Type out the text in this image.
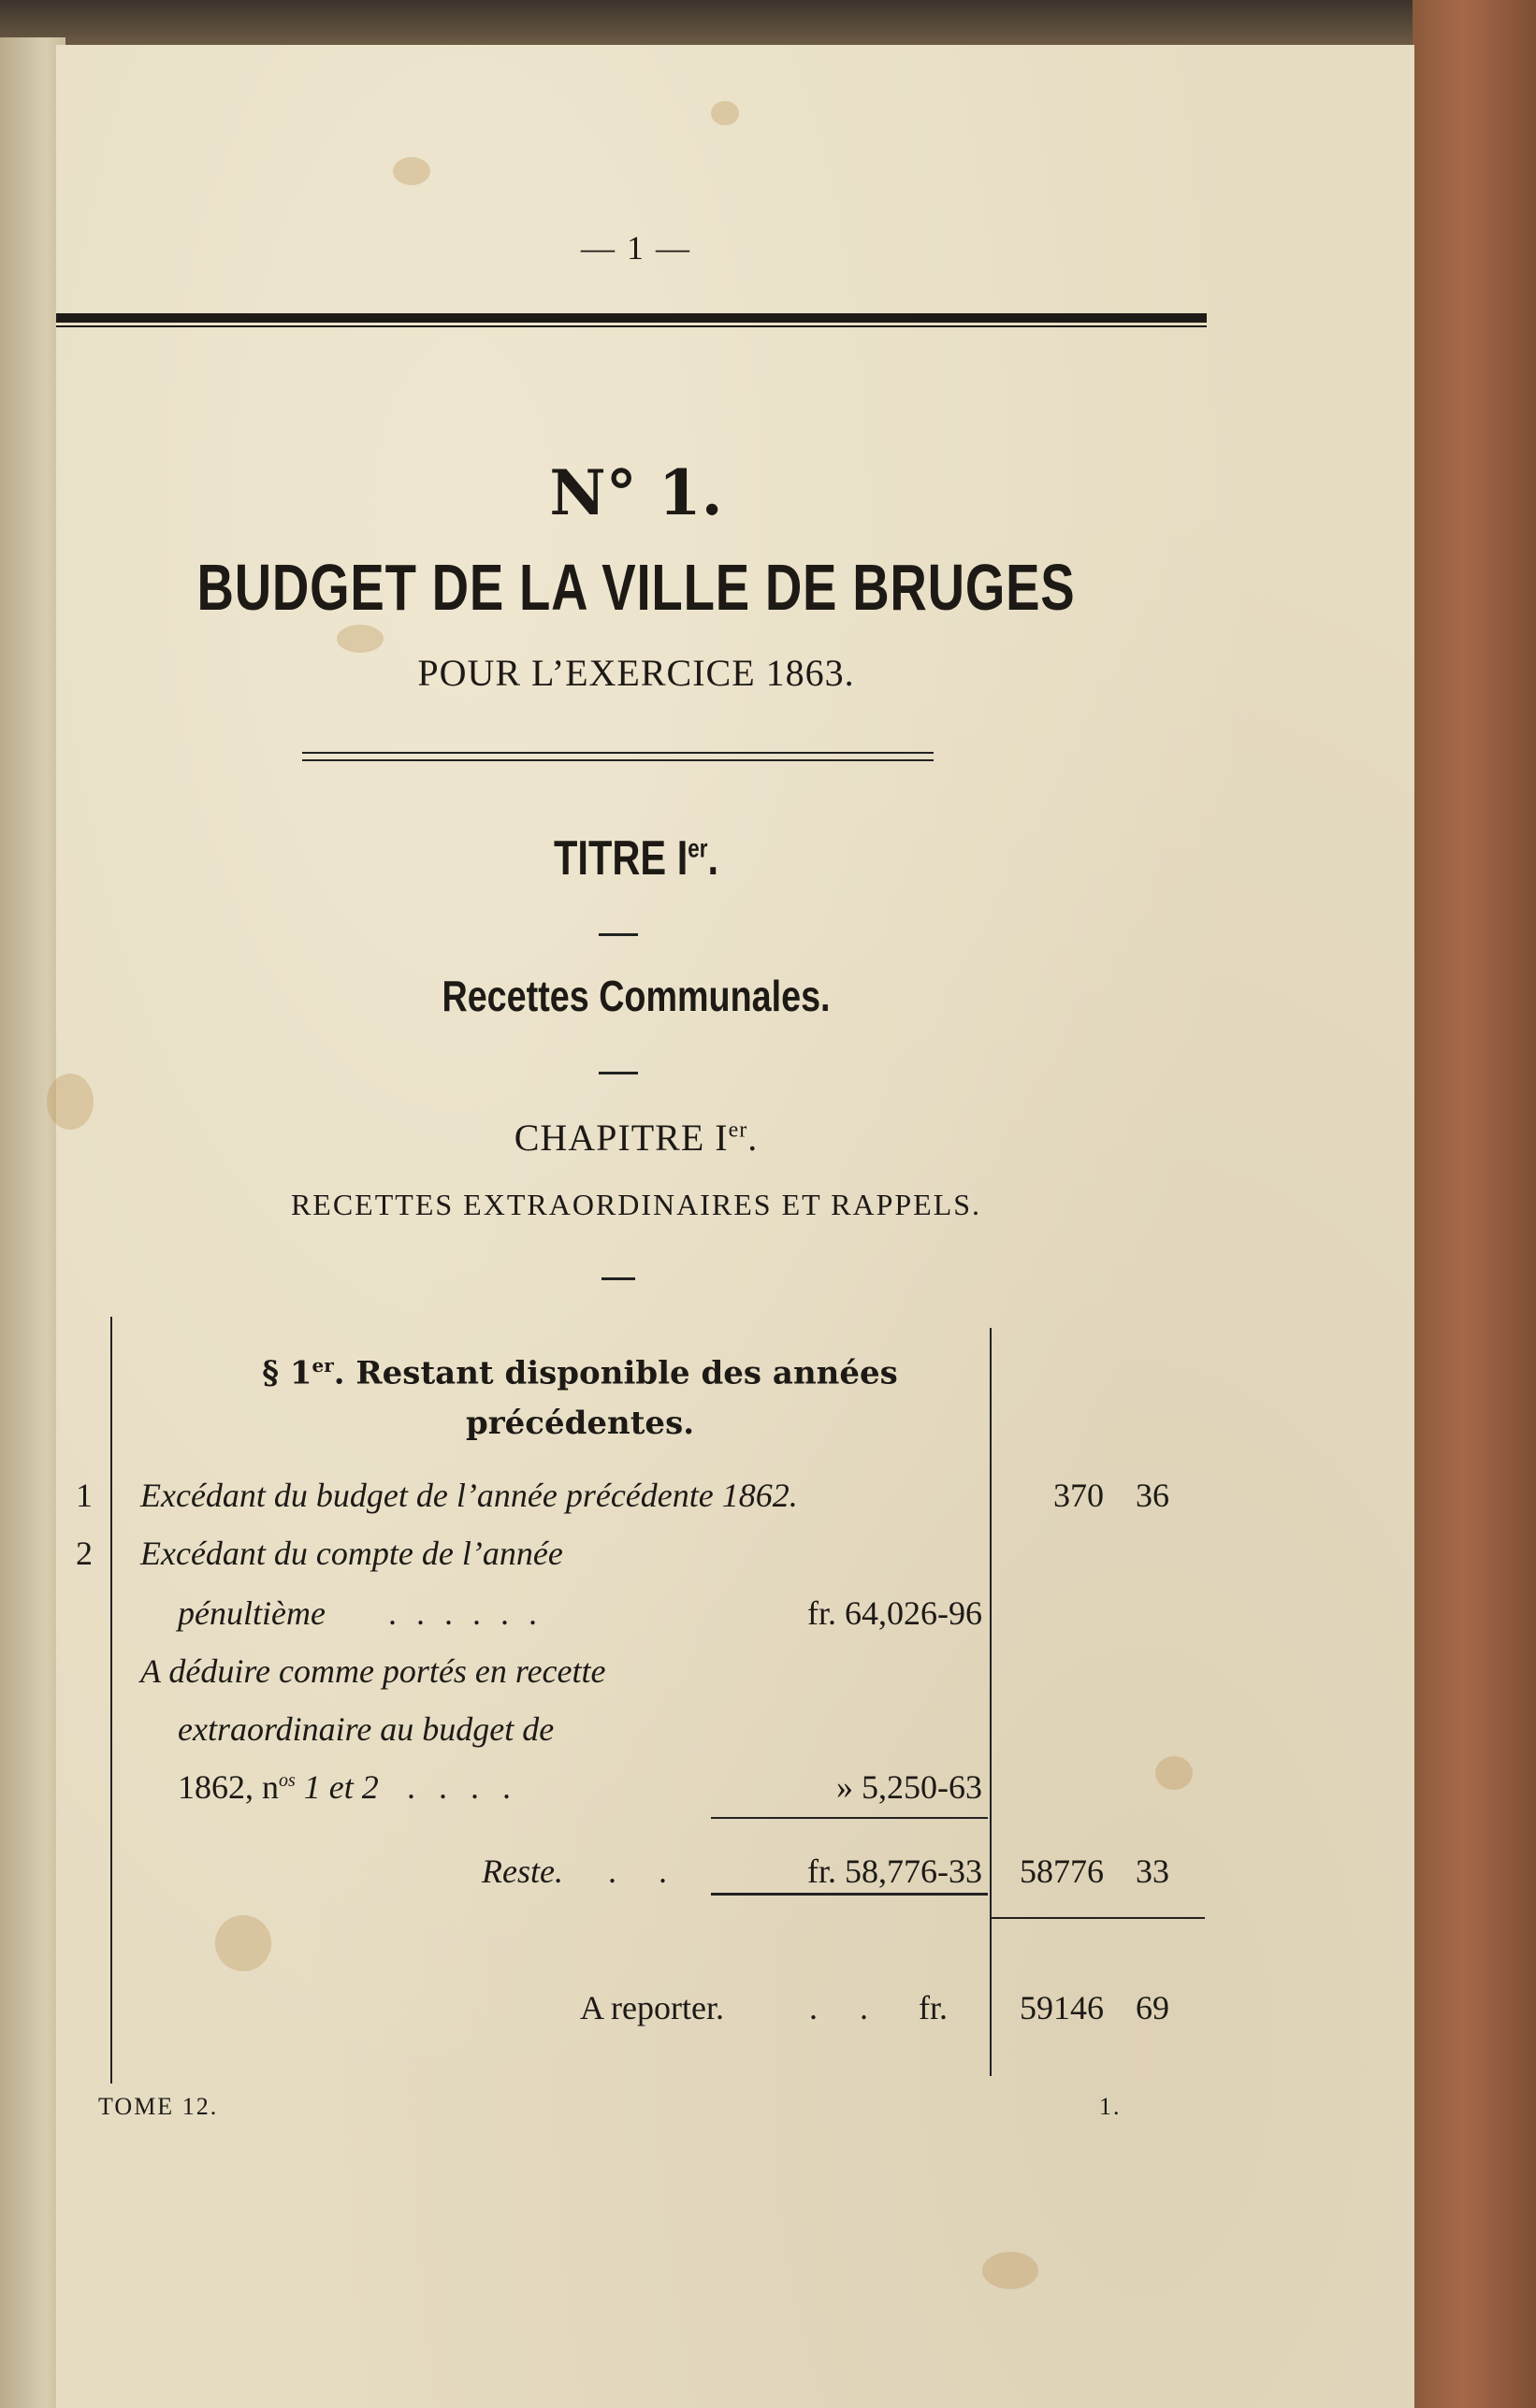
— 1 —
N° 1.
BUDGET DE LA VILLE DE BRUGES
POUR L’EXERCICE 1863.
TITRE Ier.
Recettes Communales.
CHAPITRE Ier.
RECETTES EXTRAORDINAIRES ET RAPPELS.
§ 1er. Restant disponible des années
précédentes.
1	Excédant du budget de l’année précédente 1862.	370 36
2	Excédant du compte de l’année
pénultième . . . . . .	fr. 64,026-96
A déduire comme portés en recette
extraordinaire au budget de
1862, $n^{os}$ 1 et 2 . . . .	» 5,250-63
Reste. . .	fr. 58,776-33	58776 33
A reporter.	. . fr.	59146 69
TOME 12.	1.
